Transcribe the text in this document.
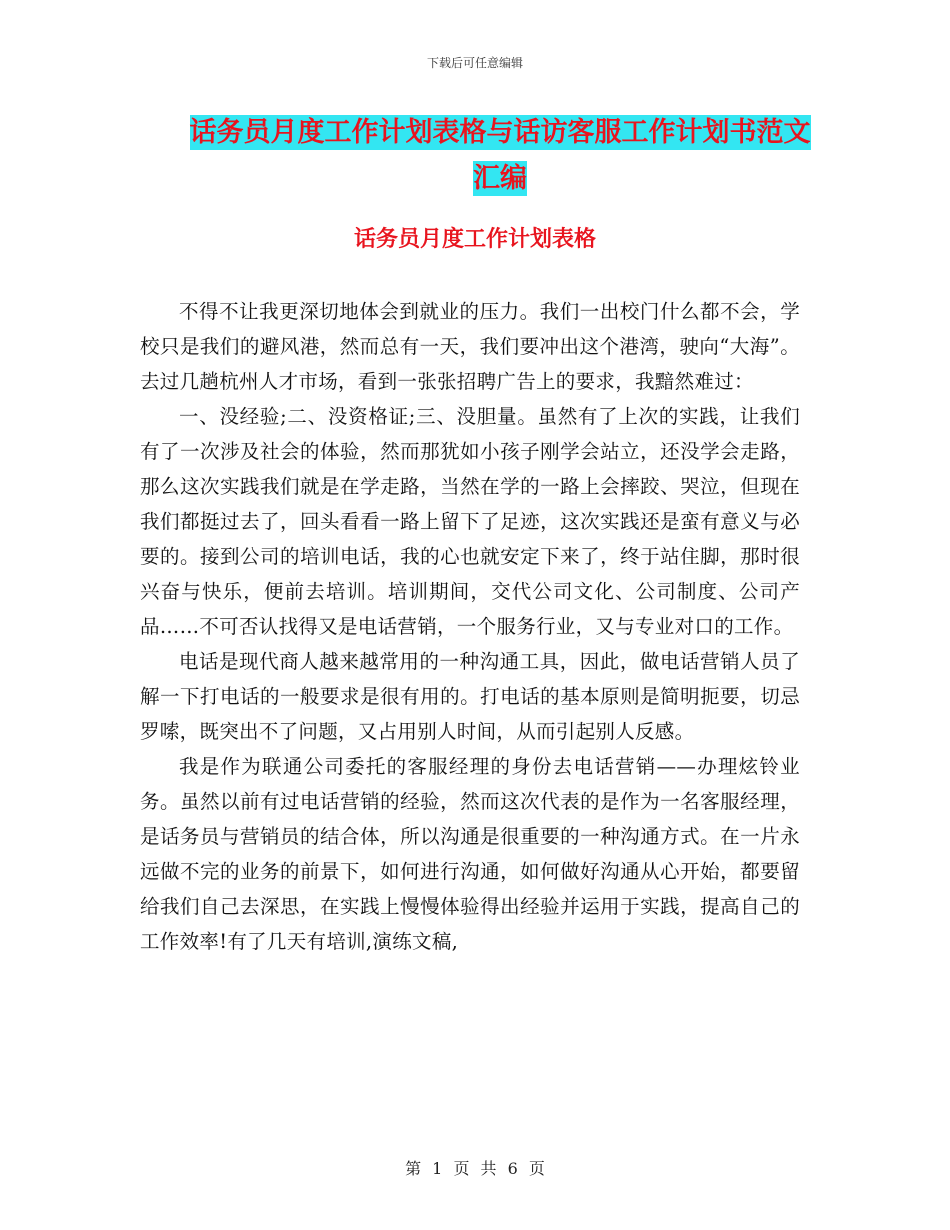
下载后可任意编辑
话务员月度工作计划表格与话访客服工作计划书范文汇编
话务员月度工作计划表格

不得不让我更深切地体会到就业的压力。我们一出校门什么都不会，学校只是我们的避风港，然而总有一天，我们要冲出这个港湾，驶向“大海”。去过几趟杭州人才市场，看到一张张招聘广告上的要求，我黯然难过：

一、没经验;二、没资格证;三、没胆量。虽然有了上次的实践，让我们有了一次涉及社会的体验，然而那犹如小孩子刚学会站立，还没学会走路，那么这次实践我们就是在学走路，当然在学的一路上会摔跤、哭泣，但现在我们都挺过去了，回头看看一路上留下了足迹，这次实践还是蛮有意义与必要的。接到公司的培训电话，我的心也就安定下来了，终于站住脚，那时很兴奋与快乐，便前去培训。培训期间，交代公司文化、公司制度、公司产品……不可否认找得又是电话营销，一个服务行业，又与专业对口的工作。

电话是现代商人越来越常用的一种沟通工具，因此，做电话营销人员了解一下打电话的一般要求是很有用的。打电话的基本原则是简明扼要，切忌罗嗦，既突出不了问题，又占用别人时间，从而引起别人反感。

我是作为联通公司委托的客服经理的身份去电话营销——办理炫铃业务。虽然以前有过电话营销的经验，然而这次代表的是作为一名客服经理，是话务员与营销员的结合体，所以沟通是很重要的一种沟通方式。在一片永远做不完的业务的前景下，如何进行沟通，如何做好沟通从心开始，都要留给我们自己去深思，在实践上慢慢体验得出经验并运用于实践，提高自己的工作效率!有了几天有培训,演练文稿,

第 1 页 共 6 页
